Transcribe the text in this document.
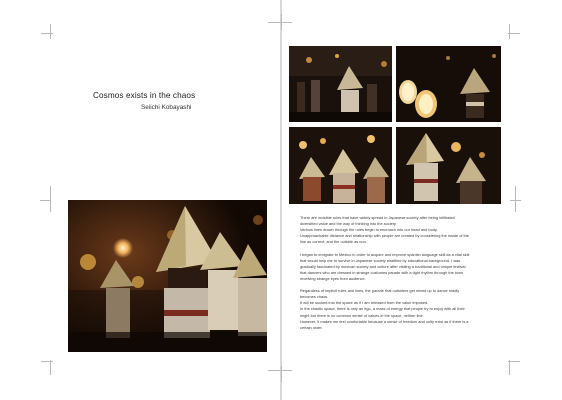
Cosmos exists in the chaos
Seiichi Kobayashi

There are invisible rules that have widely spread in Japanese society after being infiltrated
diversified value and the way of thinking into the society.
Various lines drawn through the rules begin to encroach into our head and body.
Unapproachable distance and relationship with people are created by considering the inside of the
line as correct, and the outside as non.

I began to emigrate to Mexico in order to acquire and improve spanish language skill as a vital skill
that would help me to survive in Japanese society stratified by educational background. I was
gradually fascinated by mexican society and culture after visiting a traditional and unique festival
that dancers who are dressed in strange costumes parade with a tight rhythm through the town
receiving strange eyes from audience.

Regardless of implicit rules and lines, the parade that outsiders get mixed up to dance madly
becomes chaos.
It will be sucked into the space as if I am released from the value imposed.
In the chaotic space, there is only an ego, a mass of energy that people try to enjoy with all their
might but there is no common sense of values in the space, neither line.
However, it makes me feel comfortable because a sense of freedom and unity exist as if there is a
certain order.
